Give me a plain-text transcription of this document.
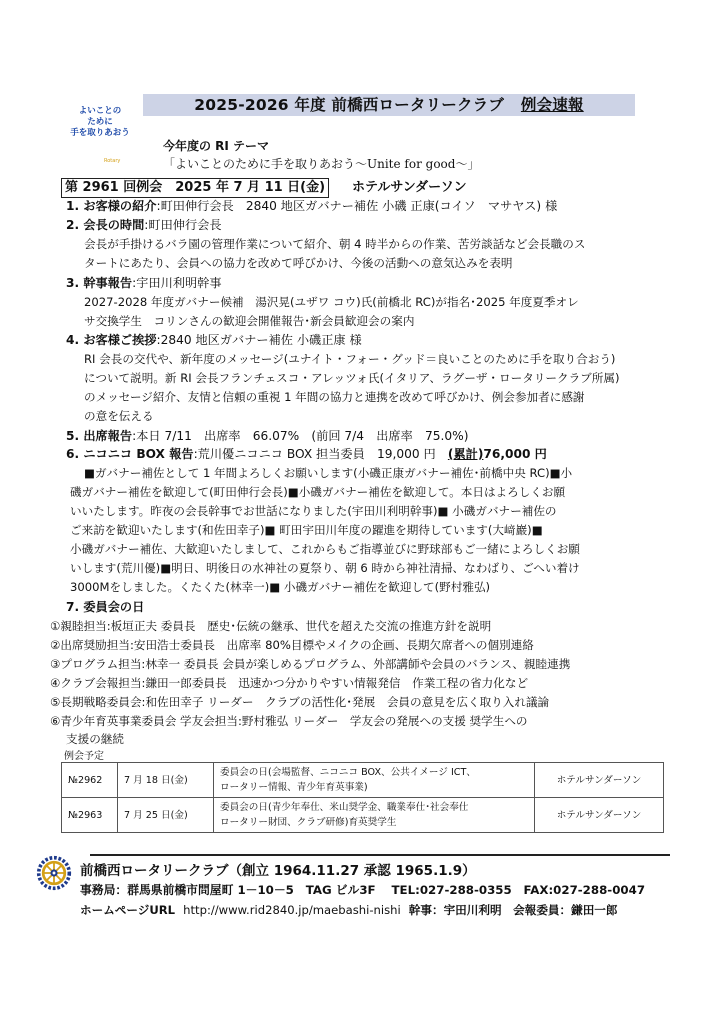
よいことの
ために
手を取りあおう
Rotary
2025-2026 年度 前橋西ロータリークラブ 例会速報
今年度の RI テーマ
「よいことのために手を取りあおう～Unite for good～」
第 2961 回例会　2025 年 7 月 11 日(金)	ホテルサンダーソン
1. お客様の紹介:町田伸行会長　2840 地区ガバナー補佐 小磯 正康(コイソ　マサヤス) 様
2. 会長の時間:町田伸行会長
会長が手掛けるバラ園の管理作業について紹介、朝 4 時半からの作業、苦労談話など会長職のス
タートにあたり、会員への協力を改めて呼びかけ、今後の活動への意気込みを表明
3. 幹事報告:宇田川利明幹事
2027-2028 年度ガバナー候補　湯沢晃(ユザワ コウ)氏(前橋北 RC)が指名･2025 年度夏季オレ
サ交換学生　コリンさんの歓迎会開催報告･新会員歓迎会の案内
4. お客様ご挨拶:2840 地区ガバナー補佐 小磯正康 様
RI 会長の交代や、新年度のメッセージ(ユナイト・フォー・グッド＝良いことのために手を取り合おう)
について説明。新 RI 会長フランチェスコ・アレッツォ氏(イタリア、ラグーザ・ロータリークラブ所属)
のメッセージ紹介、友情と信頼の重視 1 年間の協力と連携を改めて呼びかけ、例会参加者に感謝
の意を伝える
5. 出席報告:本日 7/11　出席率　66.07%　(前回 7/4　出席率　75.0%)
6. ニコニコ BOX 報告:荒川優ニコニコ BOX 担当委員　19,000 円　(累計)76,000 円
■ガバナー補佐として 1 年間よろしくお願いします(小磯正康ガバナー補佐･前橋中央 RC)■小
磯ガバナー補佐を歓迎して(町田伸行会長)■小磯ガバナー補佐を歓迎して。本日はよろしくお願
いいたします。昨夜の会長幹事でお世話になりました(宇田川利明幹事)■ 小磯ガバナー補佐の
ご来訪を歓迎いたします(和佐田幸子)■ 町田宇田川年度の躍進を期待しています(大﨑巖)■
小磯ガバナー補佐、大歓迎いたしまして、これからもご指導並びに野球部もご一緒によろしくお願
いします(荒川優)■明日、明後日の水神社の夏祭り、朝 6 時から神社清掃、なわばり、ごへい着け
3000Mをしました。くたくた(林幸一)■ 小磯ガバナー補佐を歓迎して(野村雅弘)
7. 委員会の日
①親睦担当:板垣正夫 委員長　歴史･伝統の継承、世代を超えた交流の推進方針を説明
②出席奨励担当:安田浩士委員長　出席率 80%目標やメイクの企画、長期欠席者への個別連絡
③プログラム担当:林幸一 委員長 会員が楽しめるプログラム、外部講師や会員のバランス、親睦連携
④クラブ会報担当:鎌田一郎委員長　迅速かつ分かりやすい情報発信　作業工程の省力化など
⑤長期戦略委員会:和佐田幸子 リーダー　クラブの活性化･発展　会員の意見を広く取り入れ議論
⑥青少年育英事業委員会 学友会担当:野村雅弘 リーダー　学友会の発展への支援 奨学生への
支援の継続
例会予定
№2962	7 月 18 日(金)	委員会の日(会場監督、ニコニコ BOX、公共イメージ ICT、
ロータリー情報、青少年育英事業)	ホテルサンダーソン
№2963	7 月 25 日(金)	委員会の日(青少年奉仕、米山奨学金、職業奉仕･社会奉仕
ロータリー財団、クラブ研修)育英奨学生	ホテルサンダーソン
前橋西ロータリークラブ（創立 1964.11.27 承認 1965.1.9）
事務局：群馬県前橋市問屋町 1－10－5　TAG ビル3F　 TEL:027-288-0355　FAX:027-288-0047
ホームページURL http://www.rid2840.jp/maebashi-nishi 幹事：宇田川利明　会報委員：鎌田一郎
